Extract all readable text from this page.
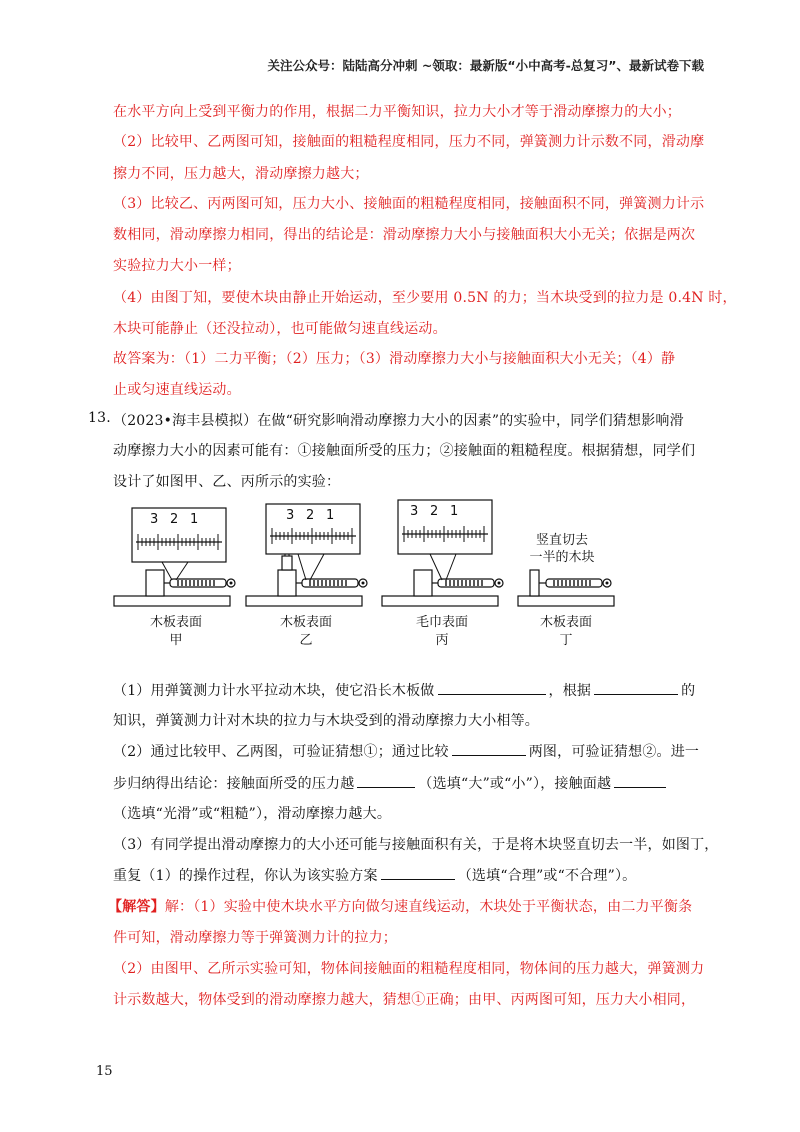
关注公众号：陆陆高分冲刺 ~领取：最新版“小中高考-总复习”、最新试卷下载
在水平方向上受到平衡力的作用，根据二力平衡知识，拉力大小才等于滑动摩擦力的大小；
（2）比较甲、乙两图可知，接触面的粗糙程度相同，压力不同，弹簧测力计示数不同，滑动摩
擦力不同，压力越大，滑动摩擦力越大；
（3）比较乙、丙两图可知，压力大小、接触面的粗糙程度相同，接触面积不同，弹簧测力计示
数相同，滑动摩擦力相同，得出的结论是：滑动摩擦力大小与接触面积大小无关；依据是两次
实验拉力大小一样；
（4）由图丁知，要使木块由静止开始运动，至少要用 0.5N 的力；当木块受到的拉力是 0.4N 时，
木块可能静止（还没拉动），也可能做匀速直线运动。
故答案为：（1）二力平衡；（2）压力；（3）滑动摩擦力大小与接触面积大小无关；（4）静
止或匀速直线运动。
13. （2023•海丰县模拟）在做“研究影响滑动摩擦力大小的因素”的实验中，同学们猜想影响滑
动摩擦力大小的因素可能有：①接触面所受的压力；②接触面的粗糙程度。根据猜想，同学们
设计了如图甲、乙、丙所示的实验：
3 2 1
木板表面
甲
3 2 1
木板表面
乙
3 2 1
毛巾表面
丙
竖直切去
一半的木块
木板表面
丁
（1）用弹簧测力计水平拉动木块，使它沿长木板做	，根据	的
知识，弹簧测力计对木块的拉力与木块受到的滑动摩擦力大小相等。
（2）通过比较甲、乙两图，可验证猜想①；通过比较	两图，可验证猜想②。进一
步归纳得出结论：接触面所受的压力越	（选填“大”或“小”），接触面越
（选填“光滑”或“粗糙”），滑动摩擦力越大。
（3）有同学提出滑动摩擦力的大小还可能与接触面积有关，于是将木块竖直切去一半，如图丁，
重复（1）的操作过程，你认为该实验方案	（选填“合理”或“不合理”）。
【解答】解：（1）实验中使木块水平方向做匀速直线运动，木块处于平衡状态，由二力平衡条
件可知，滑动摩擦力等于弹簧测力计的拉力；
（2）由图甲、乙所示实验可知，物体间接触面的粗糙程度相同，物体间的压力越大，弹簧测力
计示数越大，物体受到的滑动摩擦力越大，猜想①正确；由甲、丙两图可知，压力大小相同，
15
